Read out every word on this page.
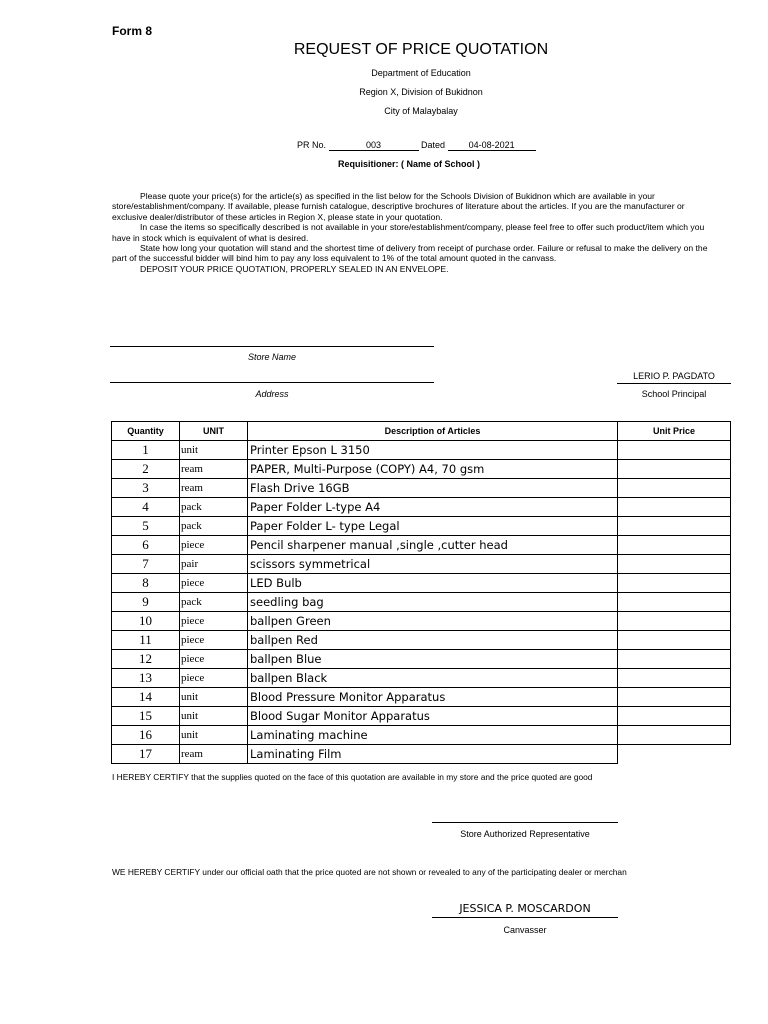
Form 8
REQUEST OF PRICE QUOTATION
Department of Education
Region X, Division of Bukidnon
City of Malaybalay
PR No.	003	Dated	04-08-2021
Requisitioner: ( Name of School )

Please quote your price(s) for the article(s) as specified in the list below for the Schools Division of Bukidnon which are available in your store/establishment/company. If available, please furnish catalogue, descriptive brochures of literature about the articles. If you are the manufacturer or exclusive dealer/distributor of these articles in Region X, please state in your quotation.

In case the items so specifically described is not available in your store/establishment/company, please feel free to offer such product/item which you have in stock which is equivalent of what is desired.

State how long your quotation will stand and the shortest time of delivery from receipt of purchase order. Failure or refusal to make the delivery on the part of the successful bidder will bind him to pay any loss equivalent to 1% of the total amount quoted in the canvass.

DEPOSIT YOUR PRICE QUOTATION, PROPERLY SEALED IN AN ENVELOPE.

Store Name
Address
LERIO P. PAGDATO
School Principal
Quantity	UNIT	Description of Articles	Unit Price
1	unit	Printer Epson L 3150	
2	ream	PAPER, Multi-Purpose (COPY) A4, 70 gsm	
3	ream	Flash Drive 16GB	
4	pack	Paper Folder L-type A4	
5	pack	Paper Folder L- type Legal	
6	piece	Pencil sharpener manual ,single ,cutter head	
7	pair	scissors symmetrical	
8	piece	LED Bulb	
9	pack	seedling bag	
10	piece	ballpen Green	
11	piece	ballpen Red	
12	piece	ballpen Blue	
13	piece	ballpen Black	
14	unit	Blood Pressure Monitor Apparatus	
15	unit	Blood Sugar Monitor Apparatus	
16	unit	Laminating machine	
17	ream	Laminating Film	
I HEREBY CERTIFY that the supplies quoted on the face of this quotation are available in my store and the price quoted are good
Store Authorized Representative
WE HEREBY CERTIFY under our official oath that the price quoted are not shown or revealed to any of the participating dealer or merchan
JESSICA P. MOSCARDON
Canvasser
